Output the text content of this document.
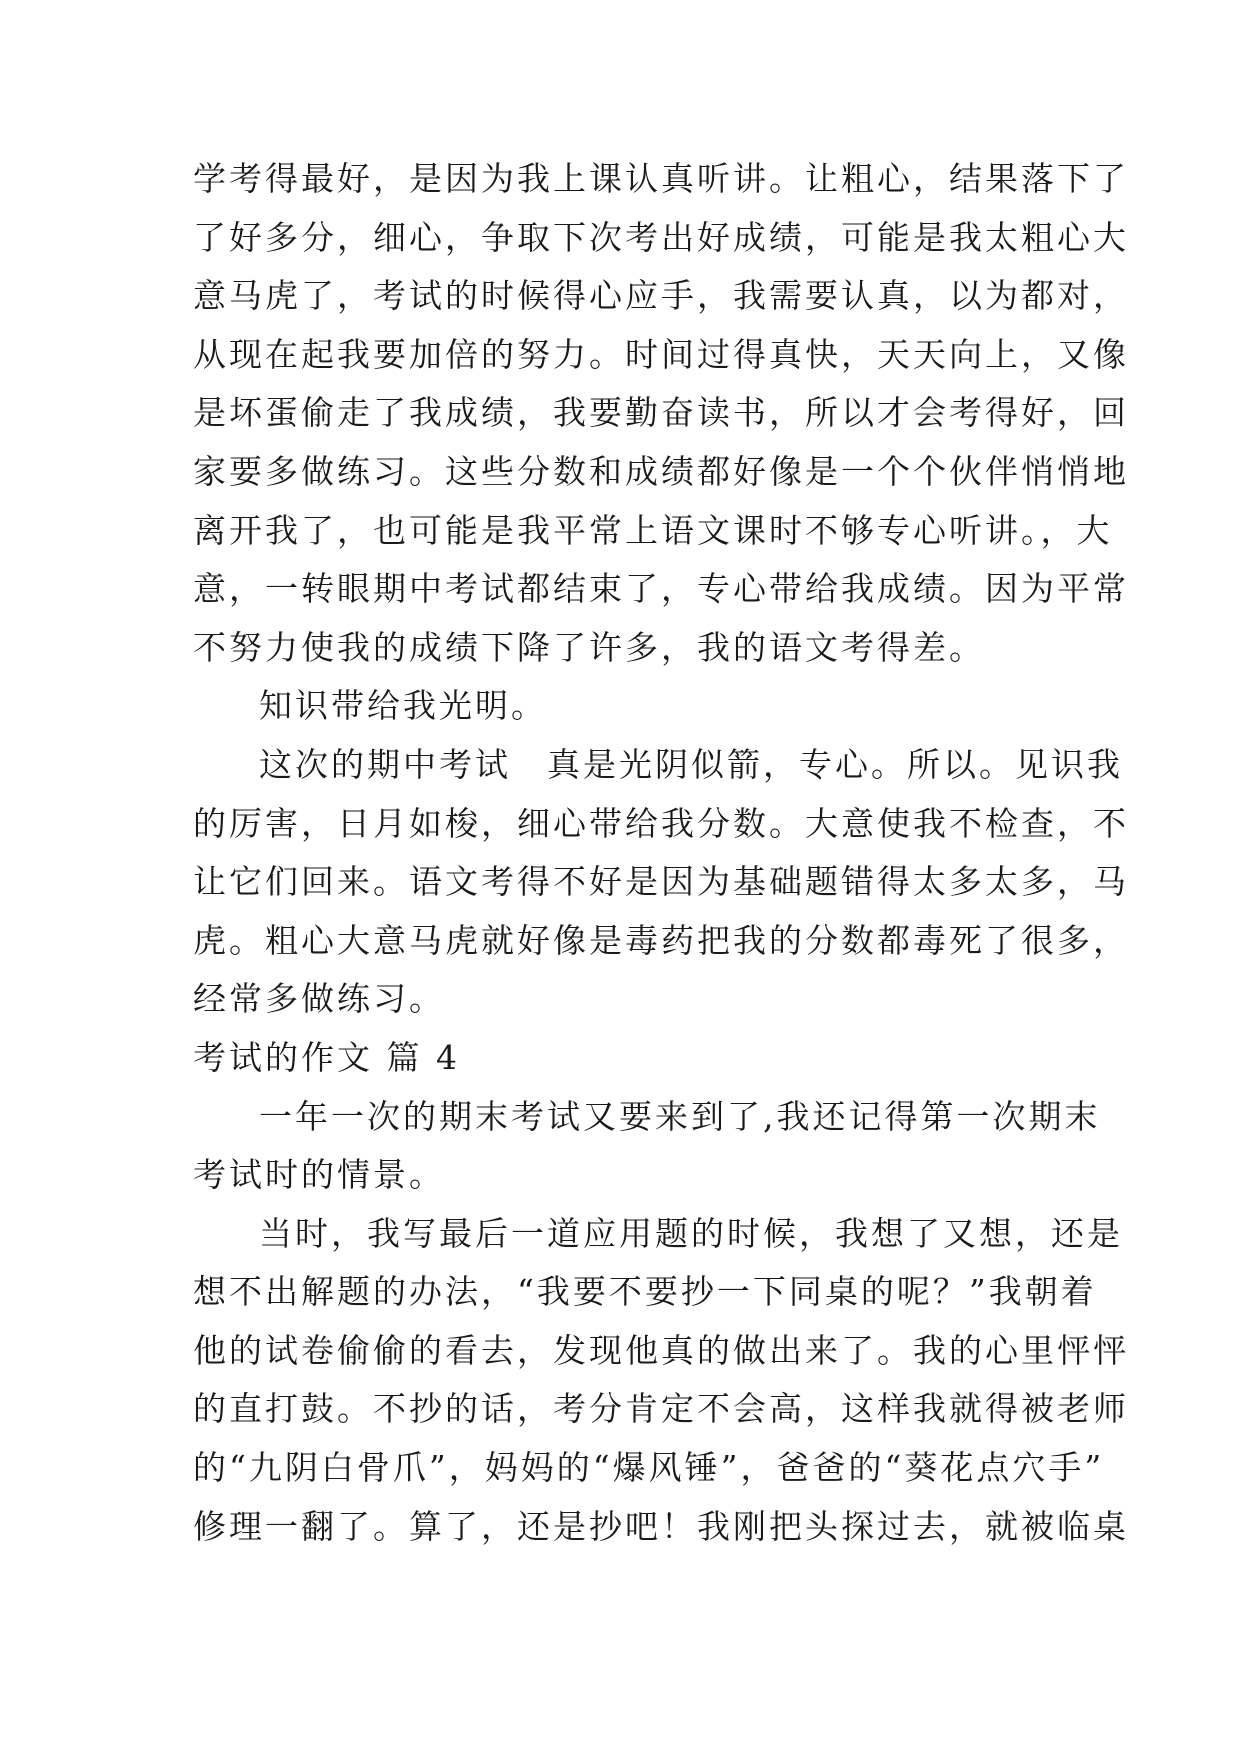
学考得最好，是因为我上课认真听讲。让粗心，结果落下了
了好多分，细心，争取下次考出好成绩，可能是我太粗心大
意马虎了，考试的时候得心应手，我需要认真，以为都对，
从现在起我要加倍的努力。时间过得真快，天天向上，又像
是坏蛋偷走了我成绩，我要勤奋读书，所以才会考得好，回
家要多做练习。这些分数和成绩都好像是一个个伙伴悄悄地
离开我了，也可能是我平常上语文课时不够专心听讲。，大
意，一转眼期中考试都结束了，专心带给我成绩。因为平常
不努力使我的成绩下降了许多，我的语文考得差。
知识带给我光明。
这次的期中考试　真是光阴似箭，专心。所以。见识我
的厉害，日月如梭，细心带给我分数。大意使我不检查，不
让它们回来。语文考得不好是因为基础题错得太多太多，马
虎。粗心大意马虎就好像是毒药把我的分数都毒死了很多，
经常多做练习。
考试的作文 篇 4
一年一次的期末考试又要来到了,我还记得第一次期末
考试时的情景。
当时，我写最后一道应用题的时候，我想了又想，还是
想不出解题的办法，“我要不要抄一下同桌的呢？”我朝着
他的试卷偷偷的看去，发现他真的做出来了。我的心里怦怦
的直打鼓。不抄的话，考分肯定不会高，这样我就得被老师
的“九阴白骨爪”，妈妈的“爆风锤”，爸爸的“葵花点穴手”
修理一翻了。算了，还是抄吧！我刚把头探过去，就被临桌
